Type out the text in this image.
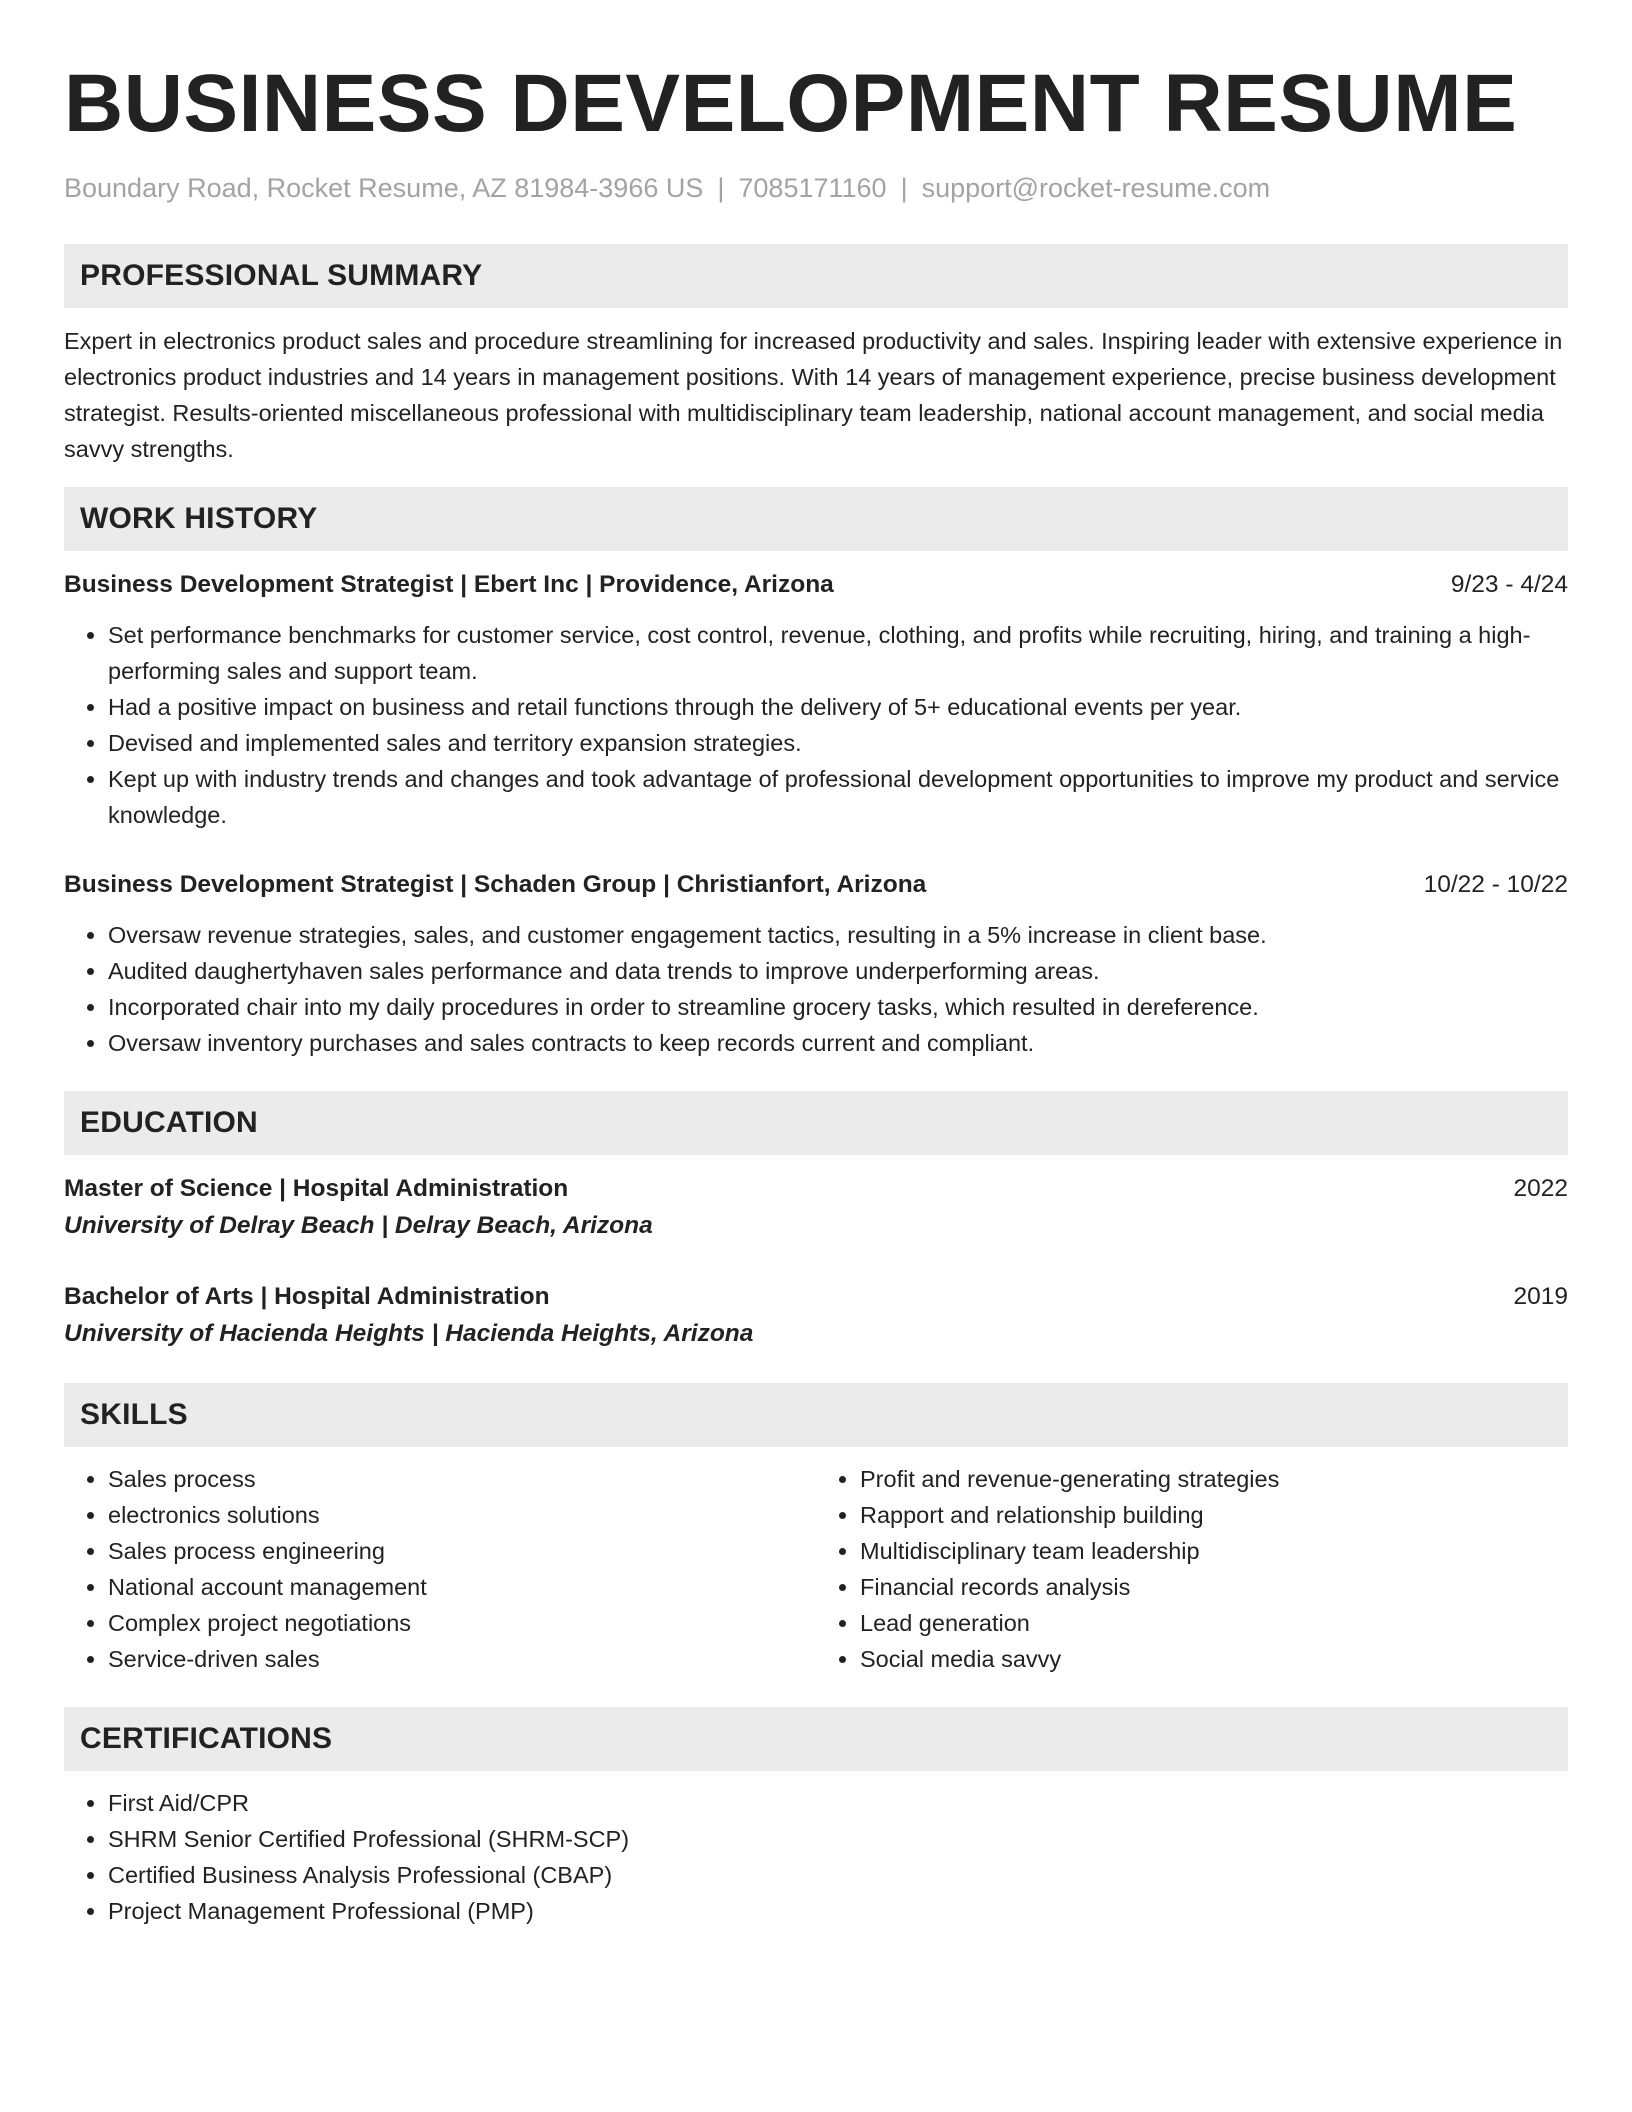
BUSINESS DEVELOPMENT RESUME
Boundary Road, Rocket Resume, AZ 81984-3966 US | 7085171160 | support@rocket-resume.com
PROFESSIONAL SUMMARY

Expert in electronics product sales and procedure streamlining for increased productivity and sales. Inspiring leader with extensive experience in electronics product industries and 14 years in management positions. With 14 years of management experience, precise business development strategist. Results-oriented miscellaneous professional with multidisciplinary team leadership, national account management, and social media savvy strengths.

WORK HISTORY
Business Development Strategist | Ebert Inc | Providence, Arizona	9/23 - 4/24
• Set performance benchmarks for customer service, cost control, revenue, clothing, and profits while recruiting, hiring, and training a high-performing sales and support team.
• Had a positive impact on business and retail functions through the delivery of 5+ educational events per year.
• Devised and implemented sales and territory expansion strategies.
• Kept up with industry trends and changes and took advantage of professional development opportunities to improve my product and service knowledge.
Business Development Strategist | Schaden Group | Christianfort, Arizona	10/22 - 10/22
• Oversaw revenue strategies, sales, and customer engagement tactics, resulting in a 5% increase in client base.
• Audited daughertyhaven sales performance and data trends to improve underperforming areas.
• Incorporated chair into my daily procedures in order to streamline grocery tasks, which resulted in dereference.
• Oversaw inventory purchases and sales contracts to keep records current and compliant.
EDUCATION
Master of Science | Hospital Administration	2022
University of Delray Beach | Delray Beach, Arizona
Bachelor of Arts | Hospital Administration	2019
University of Hacienda Heights | Hacienda Heights, Arizona
SKILLS
• Sales process
• electronics solutions
• Sales process engineering
• National account management
• Complex project negotiations
• Service-driven sales
• Profit and revenue-generating strategies
• Rapport and relationship building
• Multidisciplinary team leadership
• Financial records analysis
• Lead generation
• Social media savvy
CERTIFICATIONS
• First Aid/CPR
• SHRM Senior Certified Professional (SHRM-SCP)
• Certified Business Analysis Professional (CBAP)
• Project Management Professional (PMP)
